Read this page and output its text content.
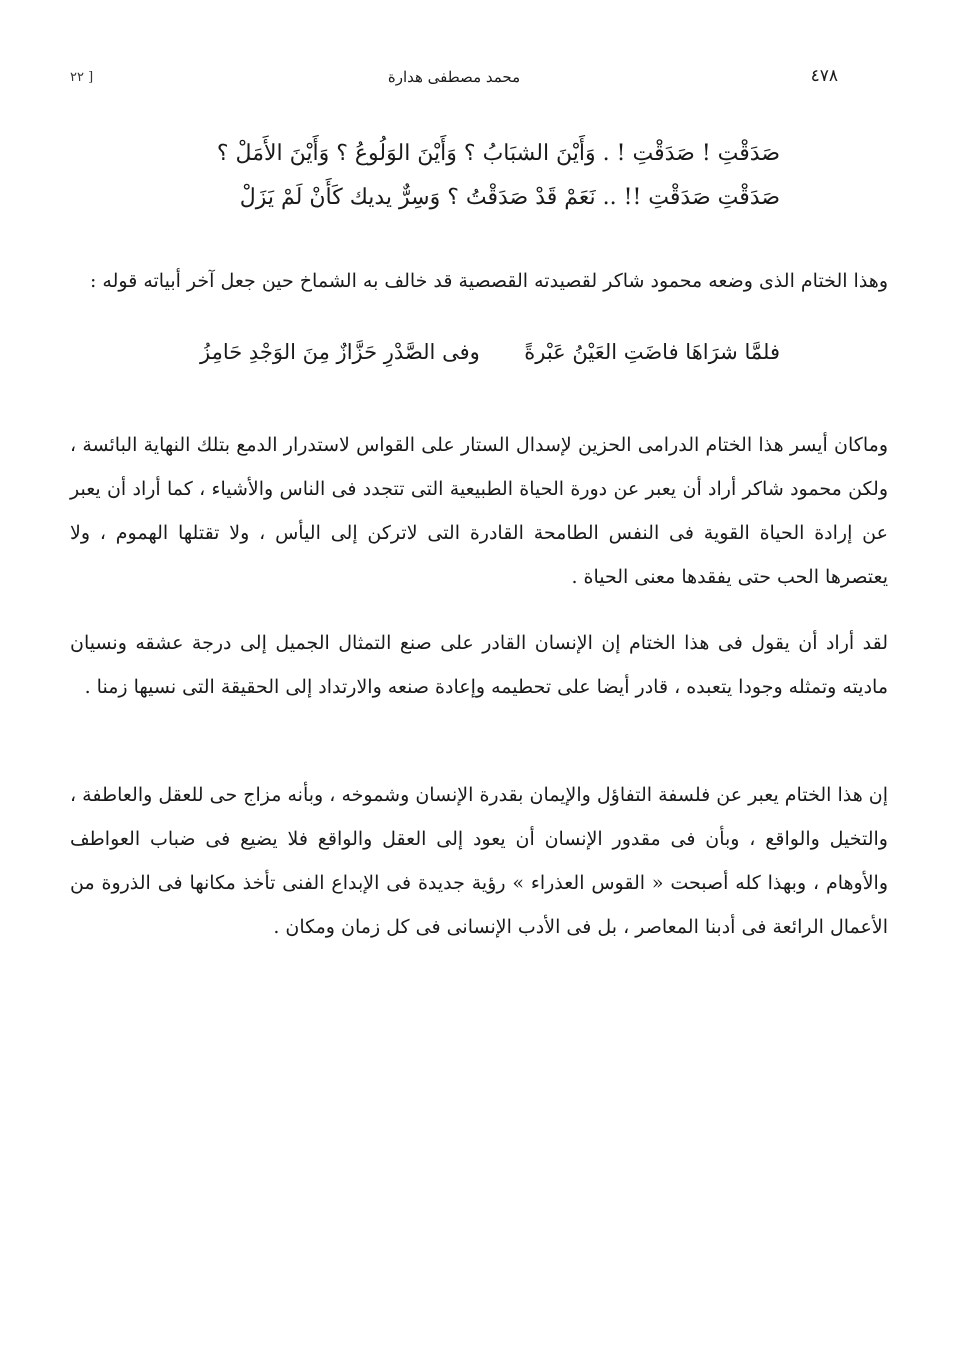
٤٧٨
محمد مصطفى هدارة
[ ٢٢
صَدَقْتِ ! صَدَقْتِ ! . وَأَيْنَ الشبَابُ ؟ وَأَيْنَ الوَلُوعُ ؟ وَأَيْنَ الأَمَلْ ؟
صَدَقْتِ صَدَقْتِ !! .. نَعَمْ قَدْ صَدَقْتُ ؟ وَسِرٌّ يديك كَأَنْ لَمْ يَزَلْ

وهذا الختام الذى وضعه محمود شاكر لقصيدته القصصية قد خالف به الشماخ حين جعل آخر أبياته قوله :

فلمَّا شرَاهَا فاضَتِ العَيْنُ عَبْرةً
وفى الصَّدْرِ حَزَّازٌ مِنَ الوَجْدِ حَامِزُ

وماكان أيسر هذا الختام الدرامى الحزين لإسدال الستار على القواس لاستدرار الدمع بتلك النهاية البائسة ، ولكن محمود شاكر أراد أن يعبر عن دورة الحياة الطبيعية التى تتجدد فى الناس والأشياء ، كما أراد أن يعبر عن إرادة الحياة القوية فى النفس الطامحة القادرة التى لاتركن إلى اليأس ، ولا تقتلها الهموم ، ولا يعتصرها الحب حتى يفقدها معنى الحياة .

لقد أراد أن يقول فى هذا الختام إن الإنسان القادر على صنع التمثال الجميل إلى درجة عشقه ونسيان ماديته وتمثله وجودا يتعبده ، قادر أيضا على تحطيمه وإعادة صنعه والارتداد إلى الحقيقة التى نسيها زمنا .

إن هذا الختام يعبر عن فلسفة التفاؤل والإيمان بقدرة الإنسان وشموخه ، وبأنه مزاج حى للعقل والعاطفة ، والتخيل والواقع ، وبأن فى مقدور الإنسان أن يعود إلى العقل والواقع فلا يضيع فى ضباب العواطف والأوهام ، وبهذا كله أصبحت « القوس العذراء » رؤية جديدة فى الإبداع الفنى تأخذ مكانها فى الذروة من الأعمال الرائعة فى أدبنا المعاصر ، بل فى الأدب الإنسانى فى كل زمان ومكان .
